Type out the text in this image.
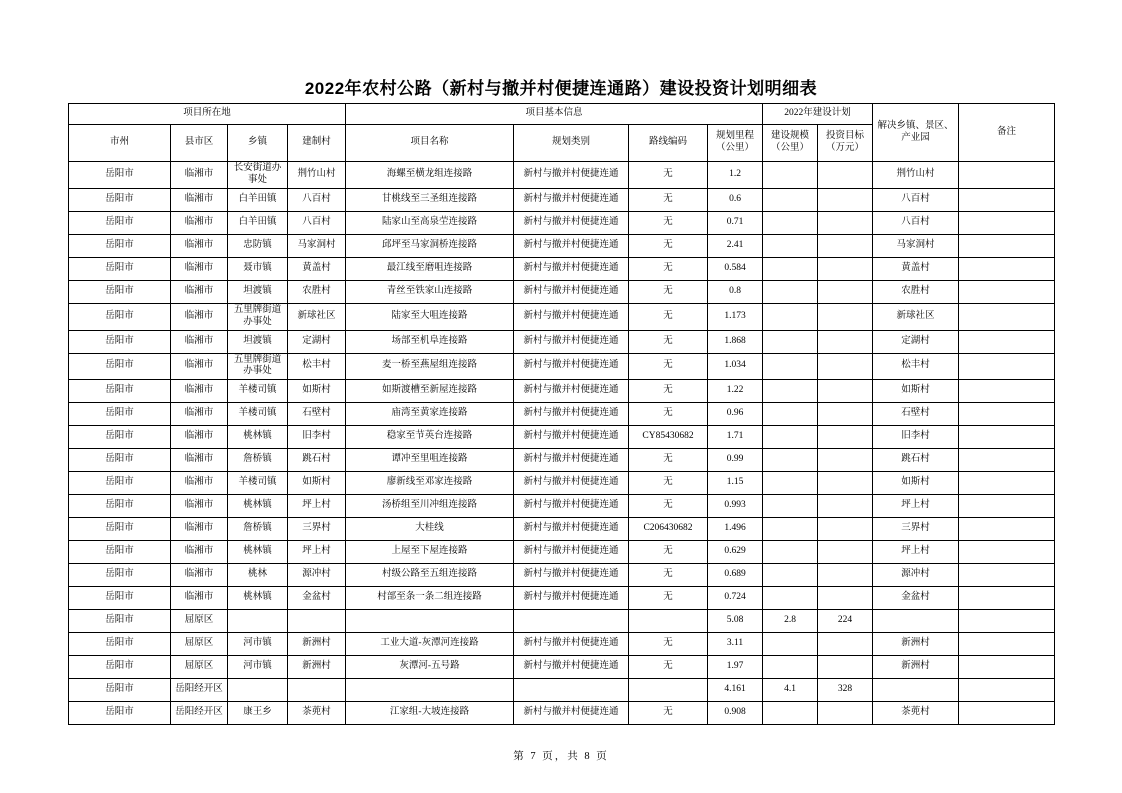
2022年农村公路（新村与撤并村便捷连通路）建设投资计划明细表
项目所在地				项目基本信息				2022年建设计划		解决乡镇、景区、产业园	备注
市州	县市区	乡镇	建制村	项目名称	规划类别	路线编码	规划里程（公里）	建设规模（公里）	投资目标（万元）		
岳阳市	临湘市	长安街道办事处	荆竹山村	海螺至横龙组连接路	新村与撤并村便捷连通	无	1.2			荆竹山村	
岳阳市	临湘市	白羊田镇	八百村	甘桃线至三圣组连接路	新村与撤并村便捷连通	无	0.6			八百村	
岳阳市	临湘市	白羊田镇	八百村	陆家山至高泉茔连接路	新村与撤并村便捷连通	无	0.71			八百村	
岳阳市	临湘市	忠防镇	马家洞村	邱坪至马家洞桥连接路	新村与撤并村便捷连通	无	2.41			马家洞村	
岳阳市	临湘市	聂市镇	黄盖村	最江线至磨咀连接路	新村与撤并村便捷连通	无	0.584			黄盖村	
岳阳市	临湘市	坦渡镇	农胜村	青丝至铁家山连接路	新村与撤并村便捷连通	无	0.8			农胜村	
岳阳市	临湘市	五里牌街道办事处	新球社区	陆家至大咀连接路	新村与撤并村便捷连通	无	1.173			新球社区	
岳阳市	临湘市	坦渡镇	定湖村	场部至机阜连接路	新村与撤并村便捷连通	无	1.868			定湖村	
岳阳市	临湘市	五里牌街道办事处	松丰村	麦一桥至燕屋组连接路	新村与撤并村便捷连通	无	1.034			松丰村	
岳阳市	临湘市	羊楼司镇	如斯村	如斯渡槽至新屋连接路	新村与撤并村便捷连通	无	1.22			如斯村	
岳阳市	临湘市	羊楼司镇	石壁村	庙湾至黄家连接路	新村与撤并村便捷连通	无	0.96			石壁村	
岳阳市	临湘市	桃林镇	旧李村	稳家至节英台连接路	新村与撤并村便捷连通	CY85430682	1.71			旧李村	
岳阳市	临湘市	詹桥镇	跳石村	谭冲至里咀连接路	新村与撤并村便捷连通	无	0.99			跳石村	
岳阳市	临湘市	羊楼司镇	如斯村	廖新线至邓家连接路	新村与撤并村便捷连通	无	1.15			如斯村	
岳阳市	临湘市	桃林镇	坪上村	汤桥组至川冲组连接路	新村与撤并村便捷连通	无	0.993			坪上村	
岳阳市	临湘市	詹桥镇	三界村	大桂线	新村与撤并村便捷连通	C206430682	1.496			三界村	
岳阳市	临湘市	桃林镇	坪上村	上屋至下屋连接路	新村与撤并村便捷连通	无	0.629			坪上村	
岳阳市	临湘市	桃林	源冲村	村级公路至五组连接路	新村与撤并村便捷连通	无	0.689			源冲村	
岳阳市	临湘市	桃林镇	金盆村	村部至条一条二组连接路	新村与撤并村便捷连通	无	0.724			金盆村	
岳阳市	屈原区						5.08	2.8	224		
岳阳市	屈原区	河市镇	新洲村	工业大道-灰潭河连接路	新村与撤并村便捷连通	无	3.11			新洲村	
岳阳市	屈原区	河市镇	新洲村	灰潭河-五号路	新村与撤并村便捷连通	无	1.97			新洲村	
岳阳市	岳阳经开区						4.161	4.1	328		
岳阳市	岳阳经开区	康王乡	茶蔸村	江家组-大坡连接路	新村与撤并村便捷连通	无	0.908			茶蔸村	
第 7 页，共 8 页
